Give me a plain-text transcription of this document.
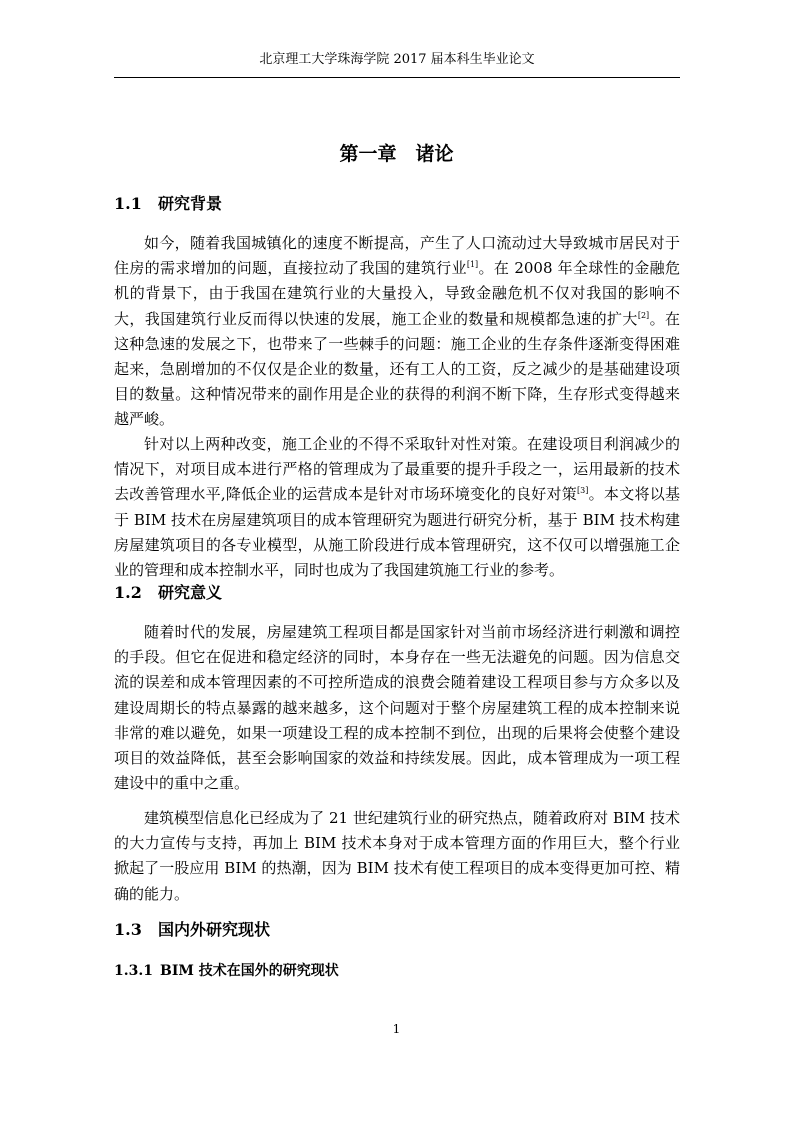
北京理工大学珠海学院 2017 届本科生毕业论文
第一章　诸论
1.1 研究背景

如今，随着我国城镇化的速度不断提高，产生了人口流动过大导致城市居民对于住房的需求增加的问题，直接拉动了我国的建筑行业[1]。在 2008 年全球性的金融危机的背景下，由于我国在建筑行业的大量投入，导致金融危机不仅对我国的影响不大，我国建筑行业反而得以快速的发展，施工企业的数量和规模都急速的扩大[2]。在这种急速的发展之下，也带来了一些棘手的问题：施工企业的生存条件逐渐变得困难起来，急剧增加的不仅仅是企业的数量，还有工人的工资，反之减少的是基础建设项目的数量。这种情况带来的副作用是企业的获得的利润不断下降，生存形式变得越来越严峻。

针对以上两种改变，施工企业的不得不采取针对性对策。在建设项目利润减少的情况下，对项目成本进行严格的管理成为了最重要的提升手段之一，运用最新的技术去改善管理水平,降低企业的运营成本是针对市场环境变化的良好对策[3]。本文将以基于 BIM 技术在房屋建筑项目的成本管理研究为题进行研究分析，基于 BIM 技术构建房屋建筑项目的各专业模型，从施工阶段进行成本管理研究，这不仅可以增强施工企业的管理和成本控制水平，同时也成为了我国建筑施工行业的参考。

1.2 研究意义

随着时代的发展，房屋建筑工程项目都是国家针对当前市场经济进行刺激和调控的手段。但它在促进和稳定经济的同时，本身存在一些无法避免的问题。因为信息交流的误差和成本管理因素的不可控所造成的浪费会随着建设工程项目参与方众多以及建设周期长的特点暴露的越来越多，这个问题对于整个房屋建筑工程的成本控制来说非常的难以避免，如果一项建设工程的成本控制不到位，出现的后果将会使整个建设项目的效益降低，甚至会影响国家的效益和持续发展。因此，成本管理成为一项工程建设中的重中之重。

建筑模型信息化已经成为了 21 世纪建筑行业的研究热点，随着政府对 BIM 技术的大力宣传与支持，再加上 BIM 技术本身对于成本管理方面的作用巨大，整个行业掀起了一股应用 BIM 的热潮，因为 BIM 技术有使工程项目的成本变得更加可控、精确的能力。

1.3 国内外研究现状
1.3.1 BIM 技术在国外的研究现状
1
